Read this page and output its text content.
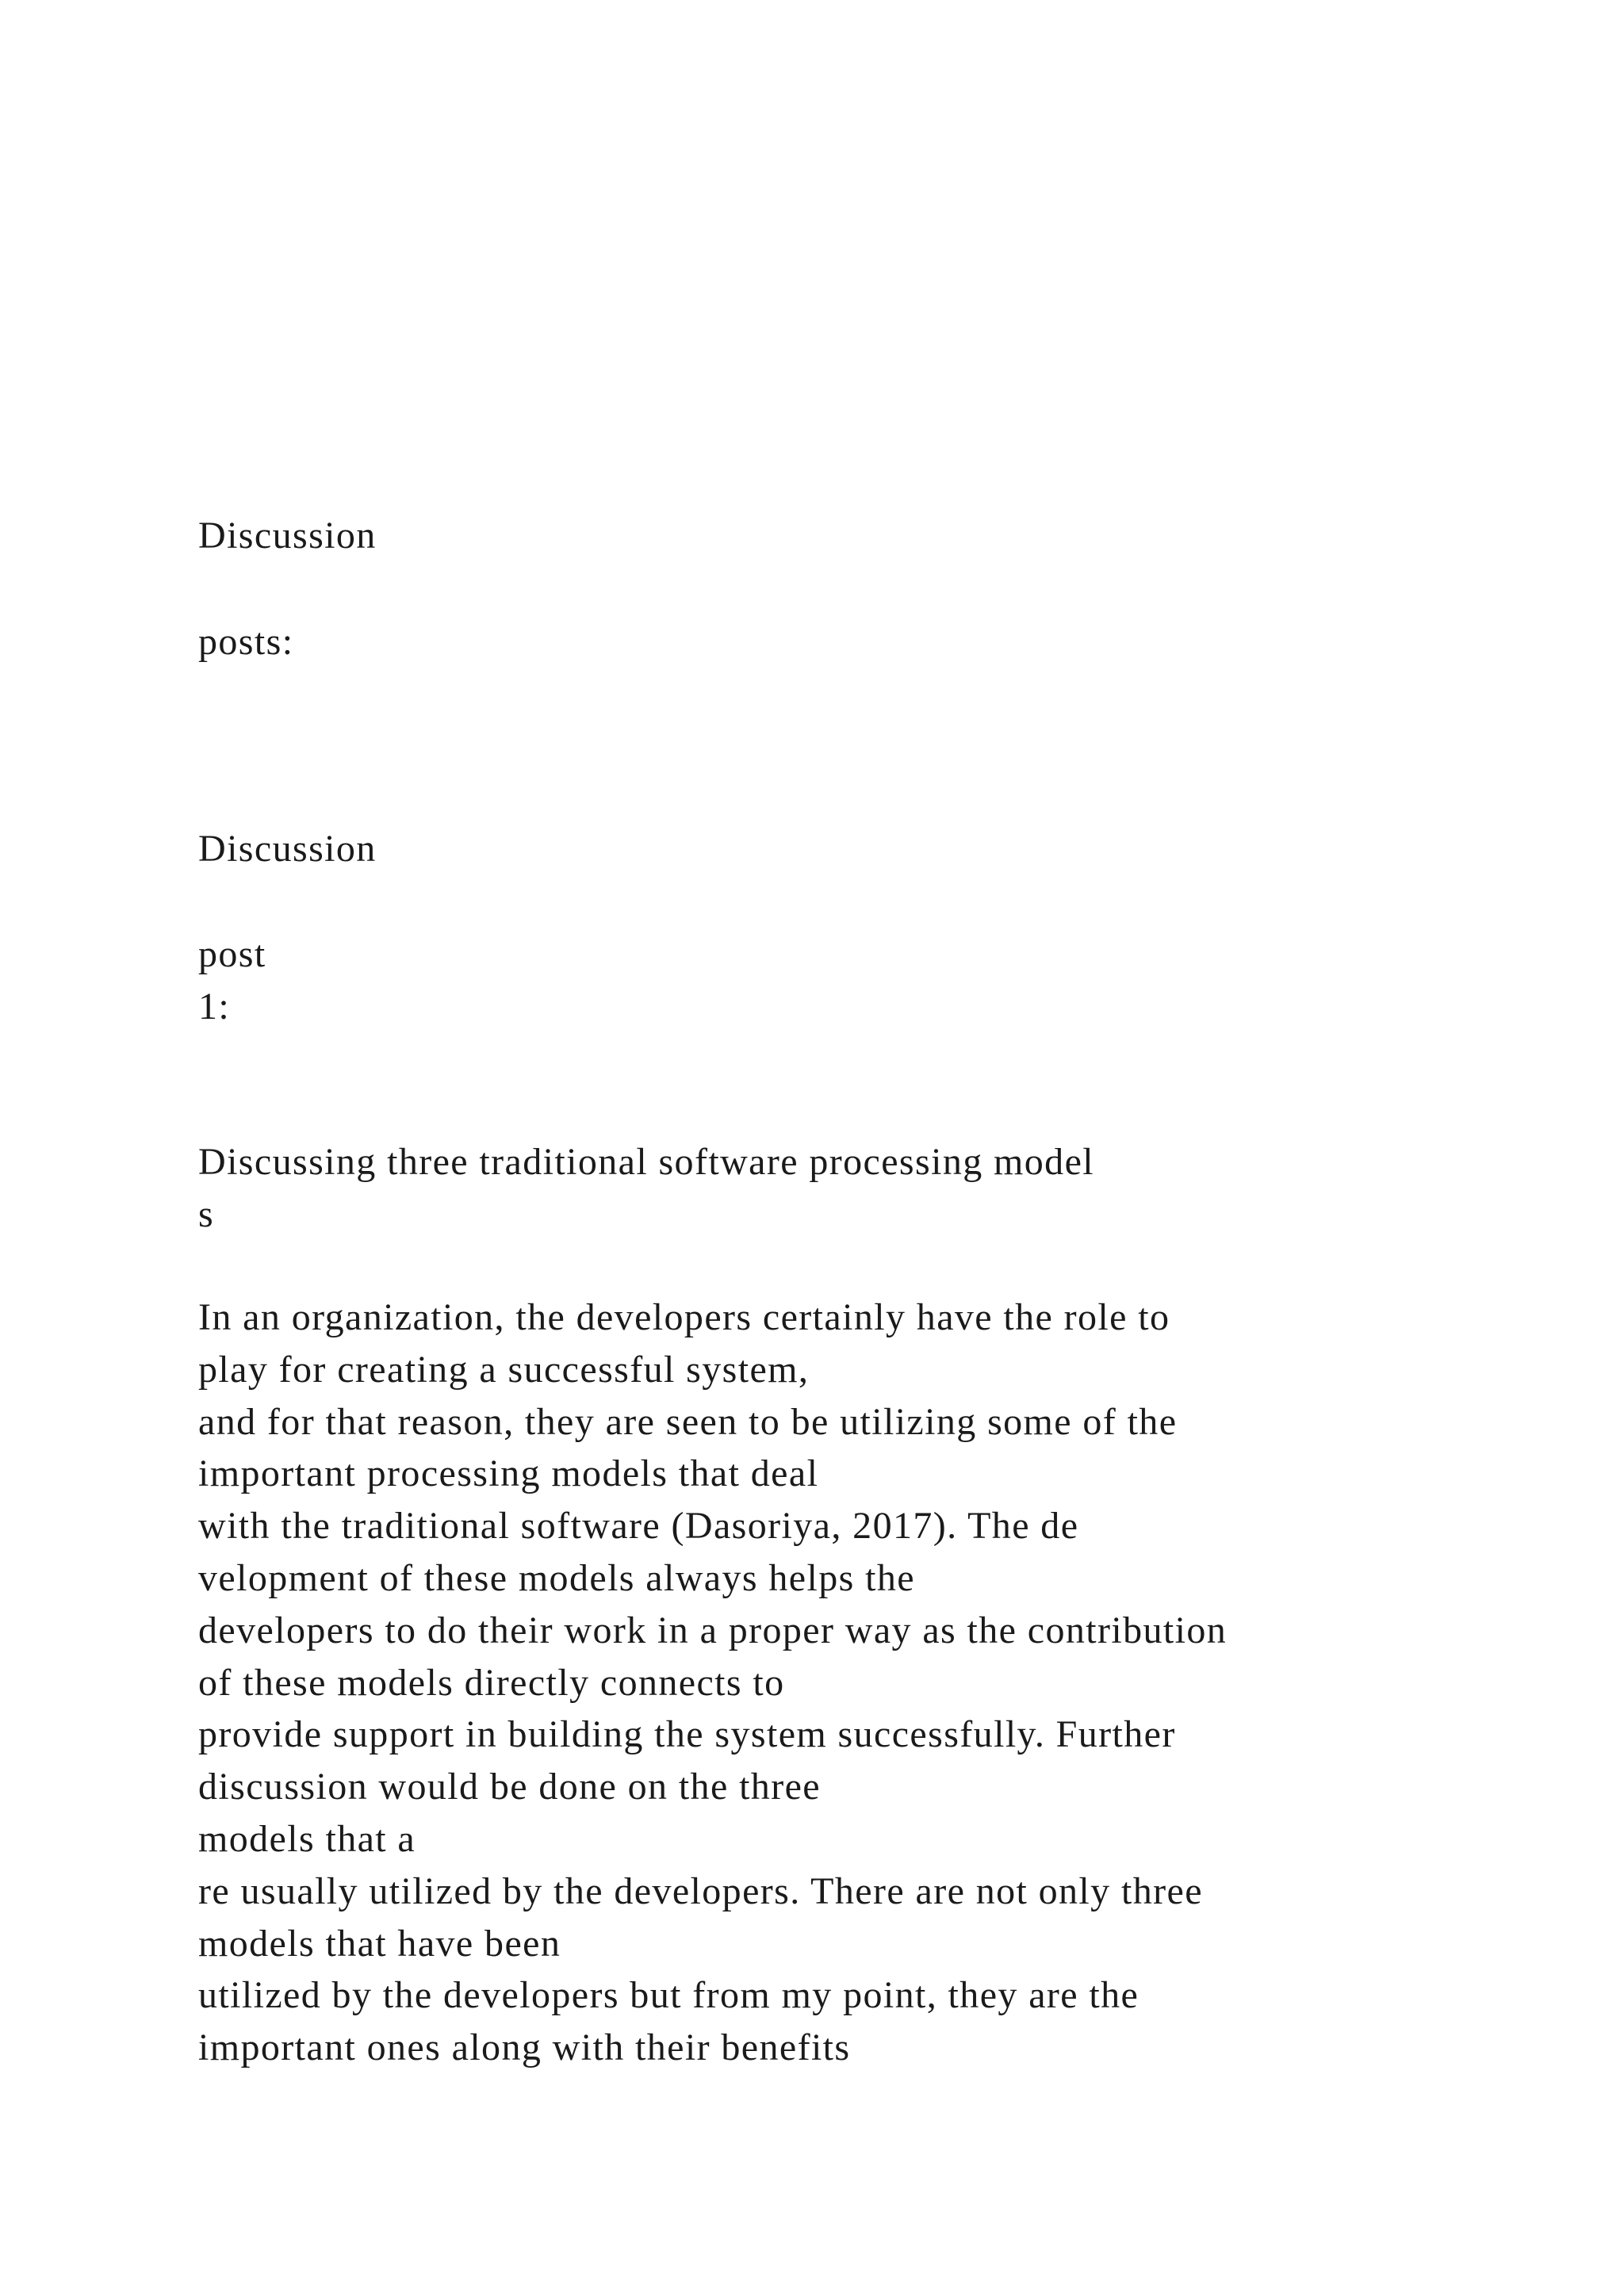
Discussion

posts:

Discussion

post

1:

Discussing three traditional software processing model

s

In an organization, the developers certainly have the role to

play for creating a successful system,

and for that reason, they are seen to be utilizing some of the

important processing models that deal

with the traditional software (Dasoriya, 2017). The de

velopment of these models always helps the

developers to do their work in a proper way as the contribution

of these models directly connects to

provide support in building the system successfully. Further

discussion would be done on the three

models that a

re usually utilized by the developers. There are not only three

models that have been

utilized by the developers but from my point, they are the

important ones along with their benefits
